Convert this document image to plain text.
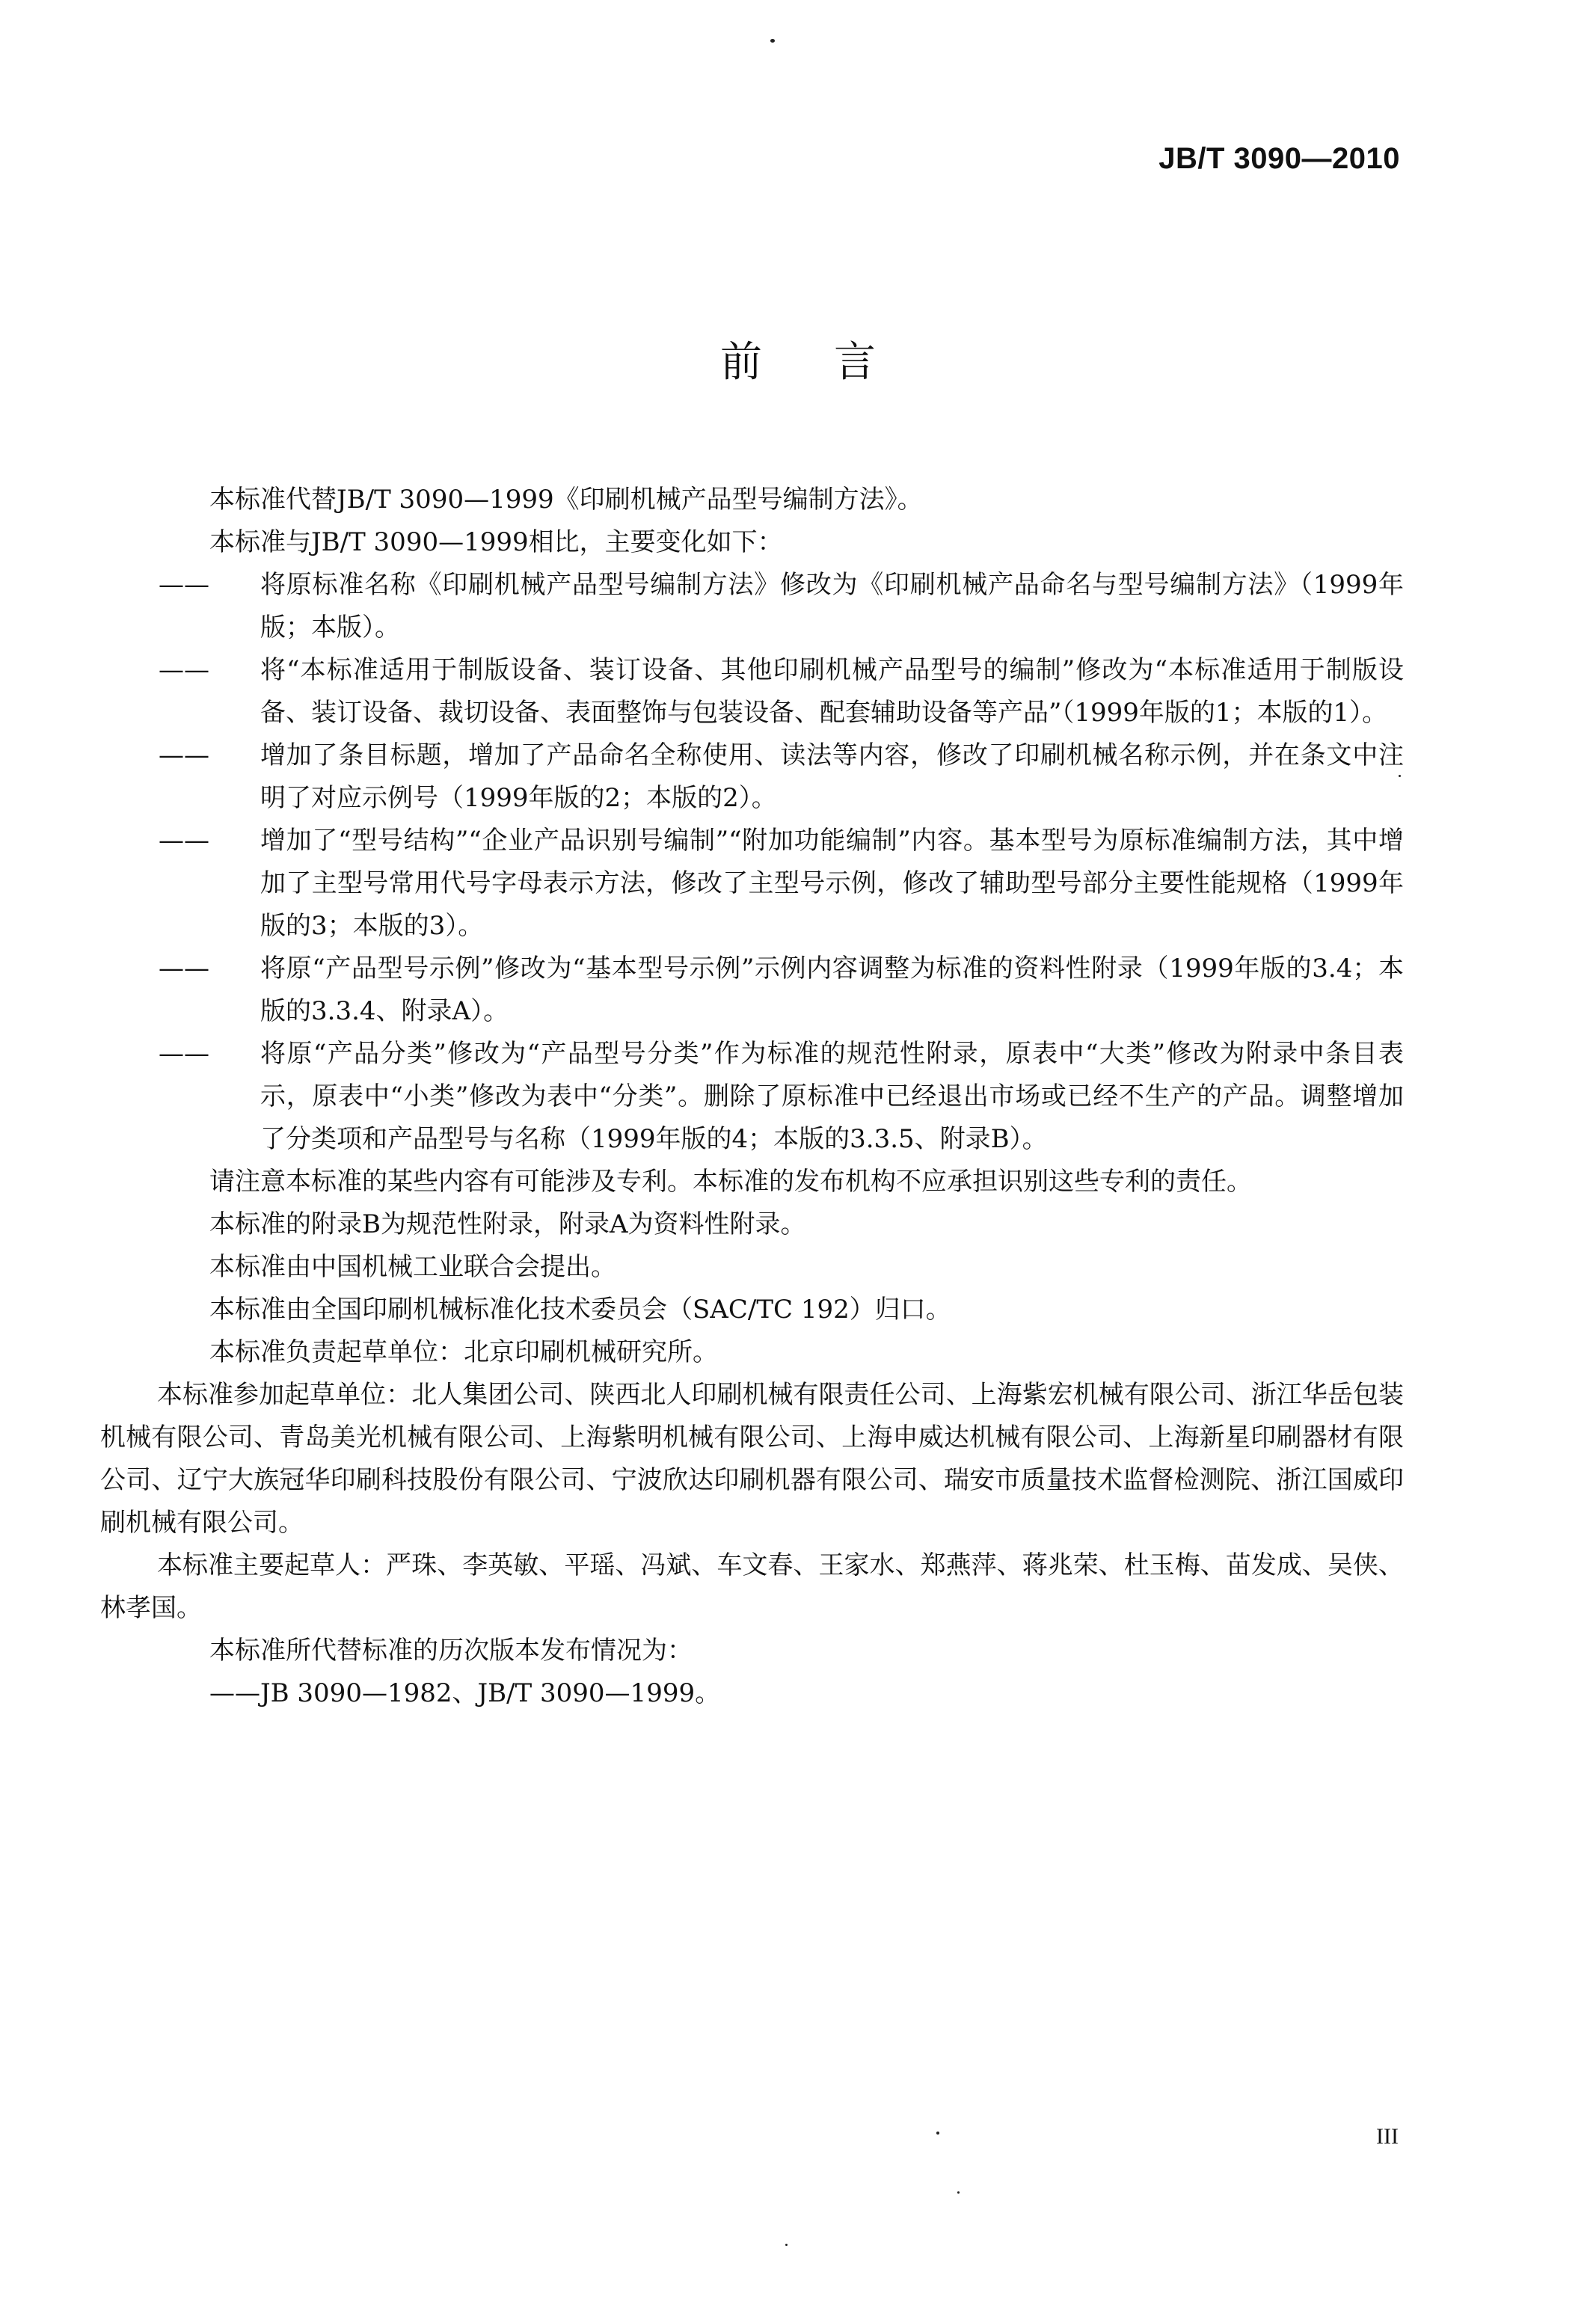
JB/T 3090—2010
前言

本标准代替JB/T 3090—1999《印刷机械产品型号编制方法》。

本标准与JB/T 3090—1999相比，主要变化如下：

—— 将原标准名称《印刷机械产品型号编制方法》修改为《印刷机械产品命名与型号编制方法》（1999年版；本版）。
—— 将“本标准适用于制版设备、装订设备、其他印刷机械产品型号的编制”修改为“本标准适用于制版设备、装订设备、裁切设备、表面整饰与包装设备、配套辅助设备等产品”（1999年版的1；本版的1）。
—— 增加了条目标题，增加了产品命名全称使用、读法等内容，修改了印刷机械名称示例，并在条文中注明了对应示例号（1999年版的2；本版的2）。
—— 增加了“型号结构”“企业产品识别号编制”“附加功能编制”内容。基本型号为原标准编制方法，其中增加了主型号常用代号字母表示方法，修改了主型号示例，修改了辅助型号部分主要性能规格（1999年版的3；本版的3）。
—— 将原“产品型号示例”修改为“基本型号示例”示例内容调整为标准的资料性附录（1999年版的3.4；本版的3.3.4、附录A）。
—— 将原“产品分类”修改为“产品型号分类”作为标准的规范性附录，原表中“大类”修改为附录中条目表示，原表中“小类”修改为表中“分类”。删除了原标准中已经退出市场或已经不生产的产品。调整增加了分类项和产品型号与名称（1999年版的4；本版的3.3.5、附录B）。

请注意本标准的某些内容有可能涉及专利。本标准的发布机构不应承担识别这些专利的责任。

本标准的附录B为规范性附录，附录A为资料性附录。

本标准由中国机械工业联合会提出。

本标准由全国印刷机械标准化技术委员会（SAC/TC 192）归口。

本标准负责起草单位：北京印刷机械研究所。

本标准参加起草单位：北人集团公司、陕西北人印刷机械有限责任公司、上海紫宏机械有限公司、浙江华岳包装机械有限公司、青岛美光机械有限公司、上海紫明机械有限公司、上海申威达机械有限公司、上海新星印刷器材有限公司、辽宁大族冠华印刷科技股份有限公司、宁波欣达印刷机器有限公司、瑞安市质量技术监督检测院、浙江国威印刷机械有限公司。

本标准主要起草人：严珠、李英敏、平瑶、冯斌、车文春、王家水、郑燕萍、蒋兆荣、杜玉梅、苗发成、吴侠、林孝国。

本标准所代替标准的历次版本发布情况为：

——JB 3090—1982、JB/T 3090—1999。
III
